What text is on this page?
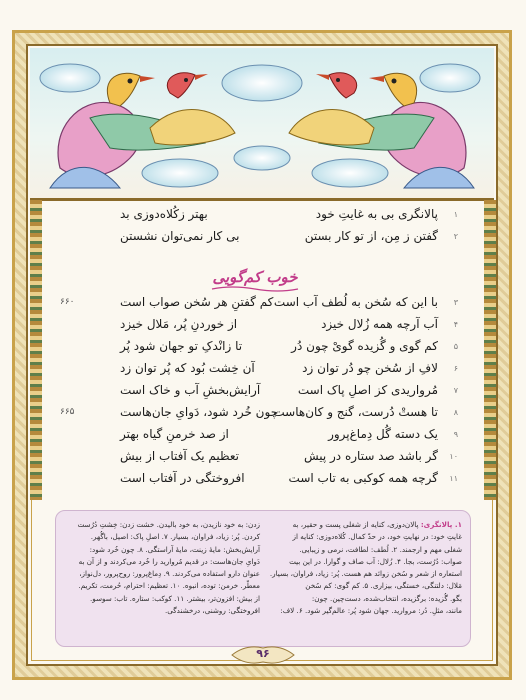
۱
پالانگری بی به غایتِ خود
بهتر زکُلاه‌دوزی بد
۲
گفتن ز مِن، از تو کار بستن
بی کار نمی‌توان نشستن
خوب کم‌گویی
۳
با این که سُخن به لُطف آب است
کم گفتنِ هر سُخن صواب است
۶۶۰
۴
آب آرچه همه زُلال خیزد
از خوردنِ پُر، مَلال خیزد
۵
کم گوی و گُزیده گویْ چون دُر
تا زانْدکِ تو جهان شود پُر
۶
لافِ از سُخن چو دُر توان زد
آن خِشت بُود که پُر توان زد
۷
مُرواریدی کز اصلِ پاک است
آرایش‌بخشِ آب و خاک است
۸
تا هستْ دُرست، گنج و کان‌هاست
چون خُرد شود، دَوایِ جان‌هاست
۶۶۵
۹
یک دسته گُل دِماغ‌پرور
از صد خرمنِ گیاه بهتر
۱۰
گر باشد صد ستاره در پیش
تعظیم یک آفتاب از بیش
۱۱
گرچه همه کوکبی به تاب است
افروختگی در آفتاب است
۱. پالانگری: پالان‌دوزی، کنایه از شغلی پست و حقیر، به
غایتِ خود: در نهایتِ خود، در حدّ کمال. کُلاه‌دوزی: کنایه از
شغلی مهم و ارجمند. ۲. لُطف: لطافت، نرمی و زیبایی.
صواب: دُرُست، بجا. ۴. زُلال: آب صاف و گوارا. در این بیت
استعاره از شعر و سُخن زوائد هم هست. پُر: زیاد، فراوان، بسیار.
مَلال: دلتنگی، خستگی، بیزاری. ۵. کم گوی: کم سُخن
بگو. گُزیده: برگزیده، انتخاب‌شده، دست‌چین. چون:
مانند، مثلِ. دُر: مروارید. جهان شود پُر: عالم‌گیر شود. ۶. لاف:
زدن: به خود نازیدن، به خود بالیدن. خشت زدن: خِشتِ دُرُست
کردن. پُر: زیاد، فراوان، بسیار. ۷. اصلِ پاک: اصیل، باگُهر.
آرایش‌بخش: مایهٔ زینت، مایهٔ آراستگی. ۸. چون خُرد شود:
دَوایِ جان‌هاست: در قدیم مُروارید را خُرد می‌کردند و از آن به
عنوان دارو استفاده می‌کردند. ۹. دِماغ‌پرور: روح‌پرور، دل‌نواز،
معطّر. خرمن: توده، انبوه. ۱۰. تعظیم: احترام، حُرمت، تکریم.
از بیش: افزون‌تر، بیشتر. ۱۱. کوکب: ستاره. تاب: سوسو.
افروختگی: روشنی، درخشندگی.
۹۶
